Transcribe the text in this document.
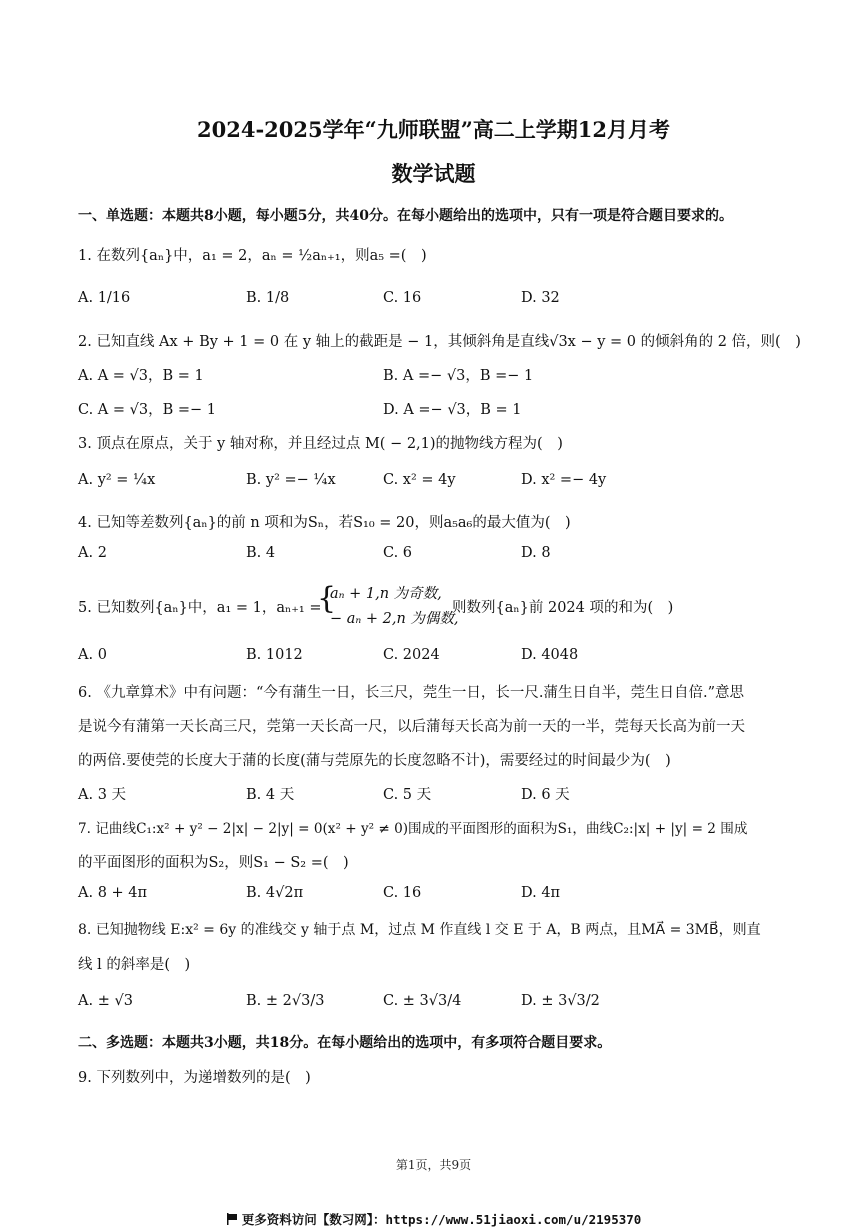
2024-2025学年“九师联盟”高二上学期12月月考
数学试题
一、单选题：本题共8小题，每小题5分，共40分。在每小题给出的选项中，只有一项是符合题目要求的。
1. 在数列{aₙ}中，a₁ = 2，aₙ = ½aₙ₊₁，则a₅ =(　)
A. 1/16	B. 1/8	C. 16	D. 32
2. 已知直线 Ax + By + 1 = 0 在 y 轴上的截距是 − 1，其倾斜角是直线√3x − y = 0 的倾斜角的 2 倍，则(　)
A. A = √3，B = 1	B. A =− √3，B =− 1
C. A = √3，B =− 1	D. A =− √3，B = 1
3. 顶点在原点，关于 y 轴对称，并且经过点 M( − 2,1)的抛物线方程为(　)
A. y² = ¼x	B. y² =− ¼x	C. x² = 4y	D. x² =− 4y
4. 已知等差数列{aₙ}的前 n 项和为Sₙ，若S₁₀ = 20，则a₅a₆的最大值为(　)
A. 2	B. 4	C. 6	D. 8
5. 已知数列{aₙ}中，a₁ = 1，aₙ₊₁ =
{
aₙ + 1,n 为奇数,
− aₙ + 2,n 为偶数,
则数列{aₙ}前 2024 项的和为(　)
A. 0	B. 1012	C. 2024	D. 4048
6. 《九章算术》中有问题：“今有蒲生一日，长三尺，莞生一日，长一尺.蒲生日自半，莞生日自倍.”意思
是说今有蒲第一天长高三尺，莞第一天长高一尺，以后蒲每天长高为前一天的一半，莞每天长高为前一天
的两倍.要使莞的长度大于蒲的长度(蒲与莞原先的长度忽略不计)，需要经过的时间最少为(　)
A. 3 天	B. 4 天	C. 5 天	D. 6 天
7. 记曲线C₁:x² + y² − 2|x| − 2|y| = 0(x² + y² ≠ 0)围成的平面图形的面积为S₁，曲线C₂:|x| + |y| = 2 围成
的平面图形的面积为S₂，则S₁ − S₂ =(　)
A. 8 + 4π	B. 4√2π	C. 16	D. 4π
8. 已知抛物线 E:x² = 6y 的准线交 y 轴于点 M，过点 M 作直线 l 交 E 于 A，B 两点，且MA⃗ = 3MB⃗，则直
线 l 的斜率是(　)
A. ± √3	B. ± 2√3/3	C. ± 3√3/4	D. ± 3√3/2
二、多选题：本题共3小题，共18分。在每小题给出的选项中，有多项符合题目要求。
9. 下列数列中，为递增数列的是(　)
第1页，共9页
更多资料访问【数习网】：https://www.51jiaoxi.com/u/2195370
